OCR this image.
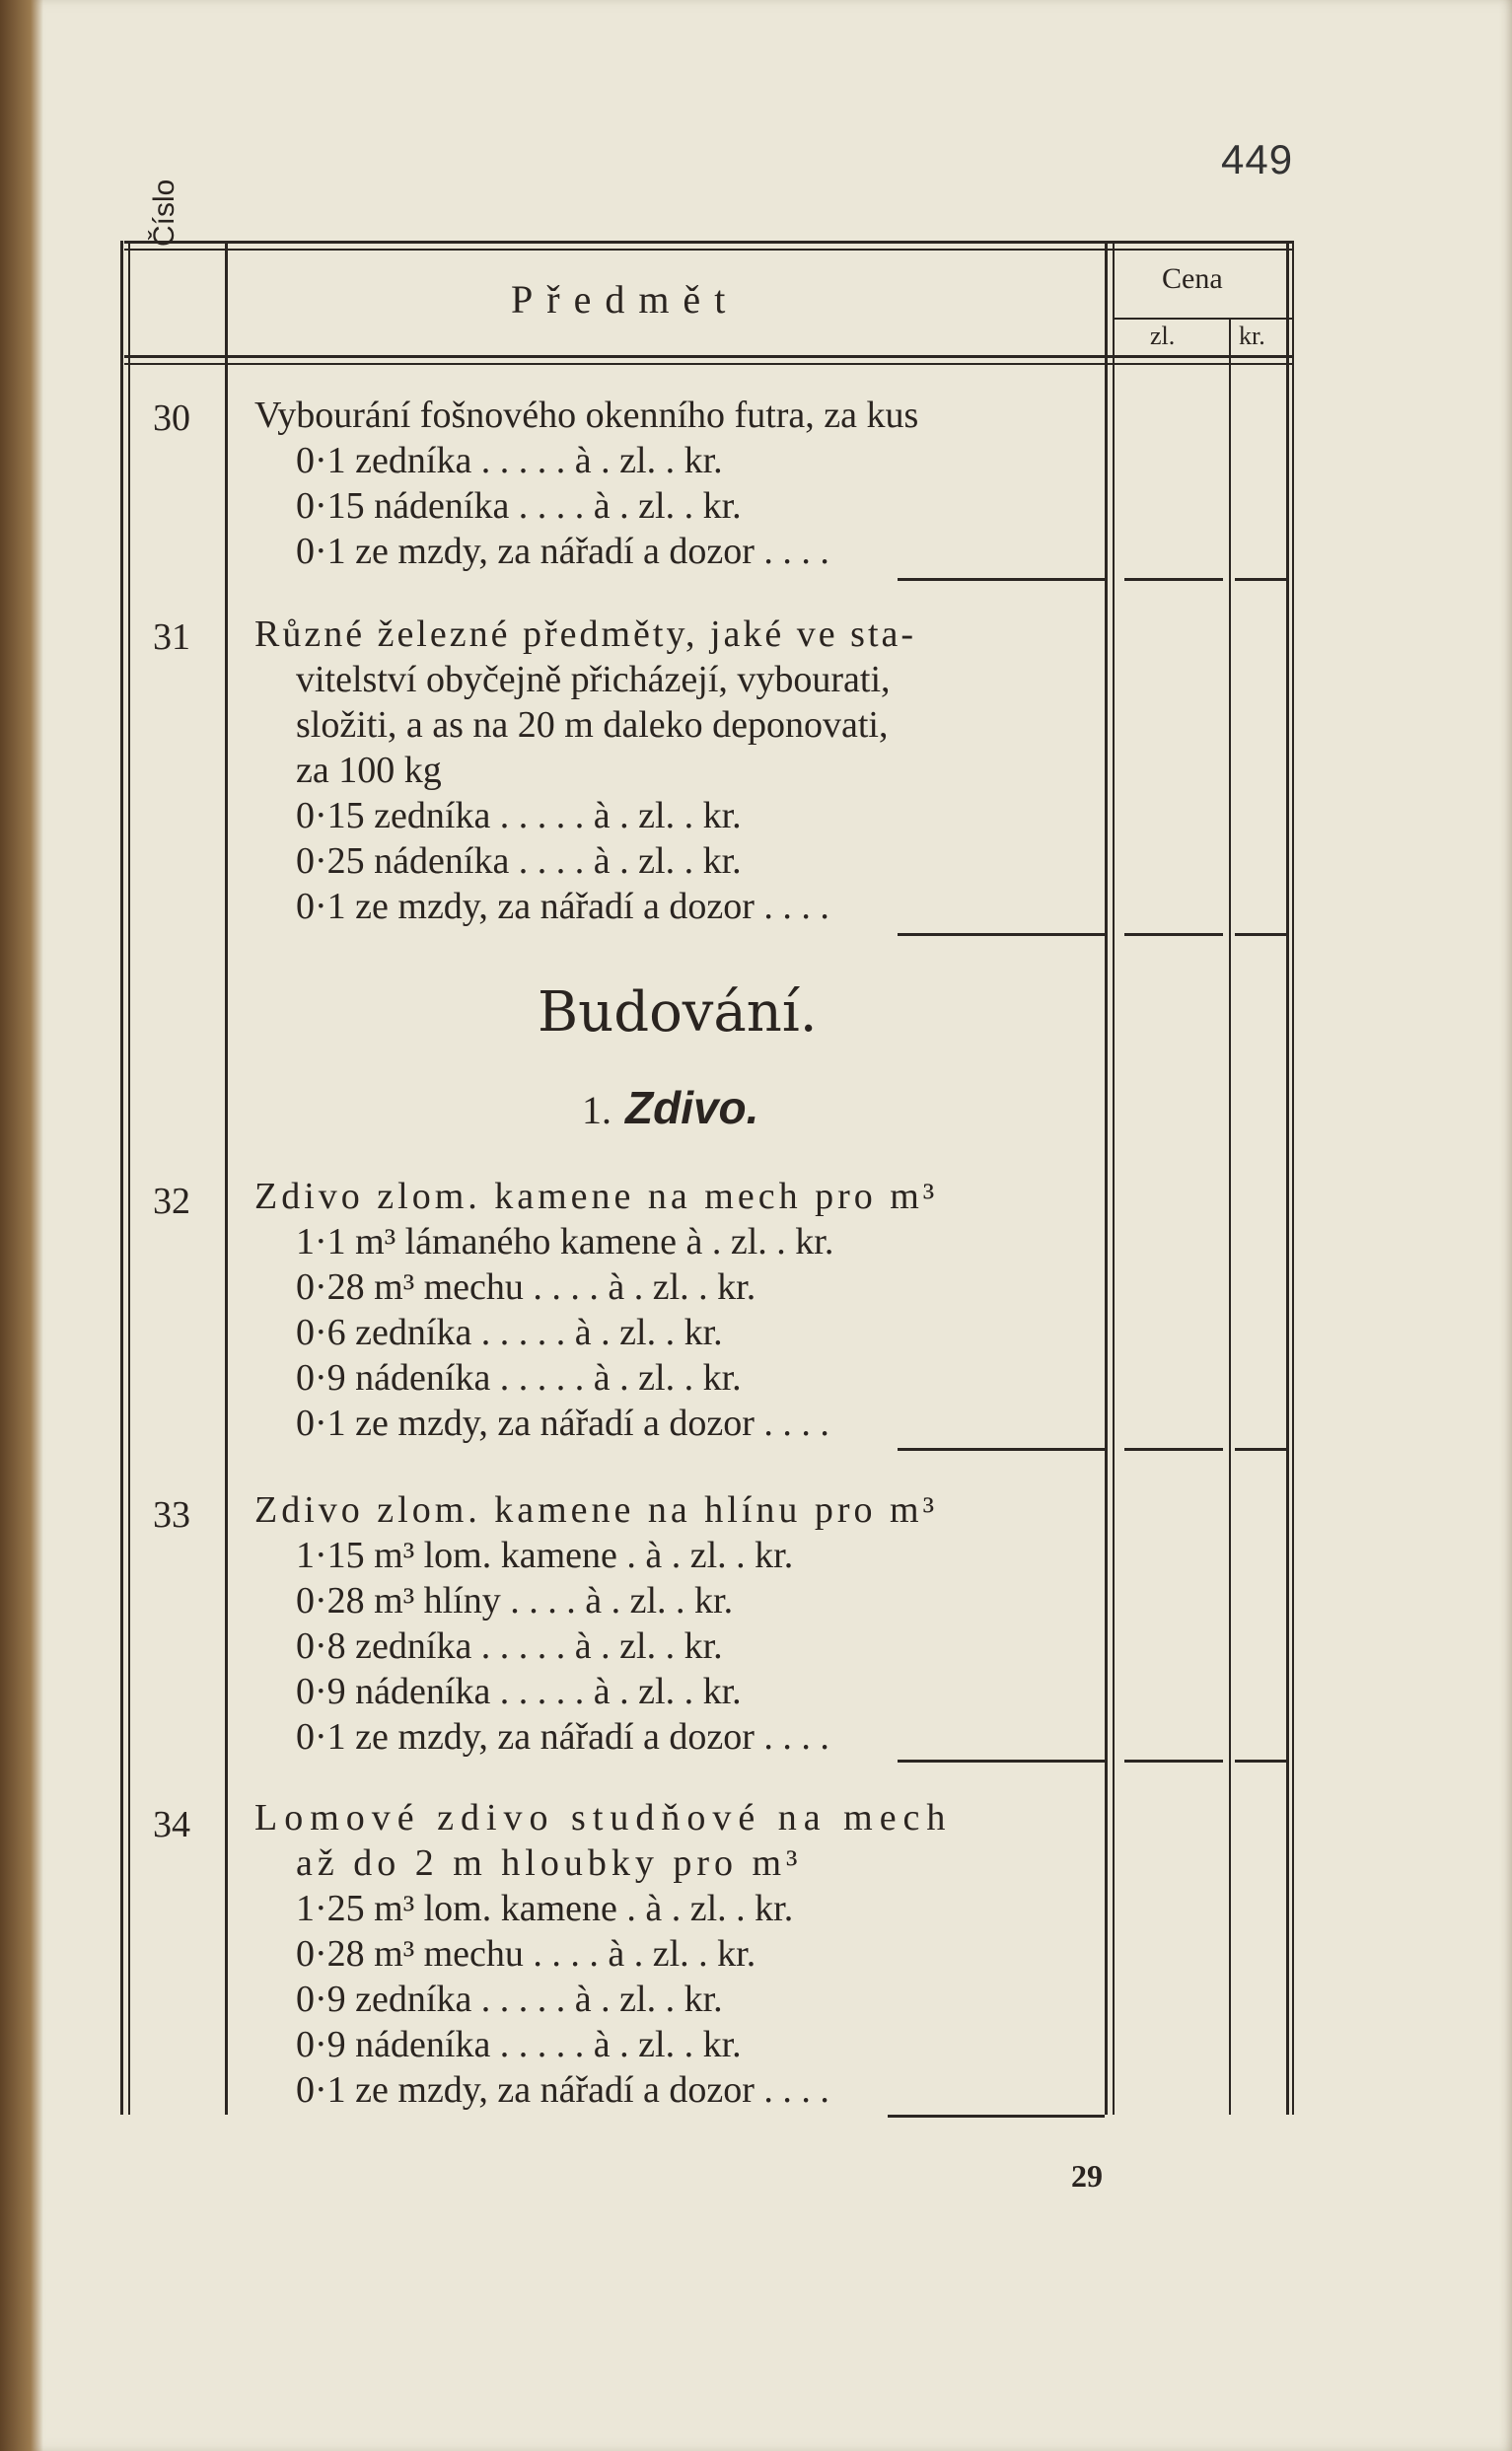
449
Číslo
Předmět	Cena
zl. kr.
30 Vybourání fošnového okenního futra, za kus
0·1 zedníka . . . . . à . zl. . kr.
0·15 nádeníka . . . . à . zl. . kr.
0·1 ze mzdy, za nářadí a dozor . . . .
31 Různé železné předměty, jaké ve sta-
vitelství obyčejně přicházejí, vybourati,
složiti, a as na 20 m daleko deponovati,
za 100 kg
0·15 zedníka . . . . . à . zl. . kr.
0·25 nádeníka . . . . à . zl. . kr.
0·1 ze mzdy, za nářadí a dozor . . . .
Budování.
1. Zdivo.
32 Zdivo zlom. kamene na mech pro m³
1·1 m³ lámaného kamene à . zl. . kr.
0·28 m³ mechu . . . . à . zl. . kr.
0·6 zedníka . . . . . à . zl. . kr.
0·9 nádeníka . . . . . à . zl. . kr.
0·1 ze mzdy, za nářadí a dozor . . . .
33 Zdivo zlom. kamene na hlínu pro m³
1·15 m³ lom. kamene . à . zl. . kr.
0·28 m³ hlíny . . . . à . zl. . kr.
0·8 zedníka . . . . . à . zl. . kr.
0·9 nádeníka . . . . . à . zl. . kr.
0·1 ze mzdy, za nářadí a dozor . . . .
34 Lomové zdivo studňové na mech
až do 2 m hloubky pro m³
1·25 m³ lom. kamene . à . zl. . kr.
0·28 m³ mechu . . . . à . zl. . kr.
0·9 zedníka . . . . . à . zl. . kr.
0·9 nádeníka . . . . . à . zl. . kr.
0·1 ze mzdy, za nářadí a dozor . . . .
29
